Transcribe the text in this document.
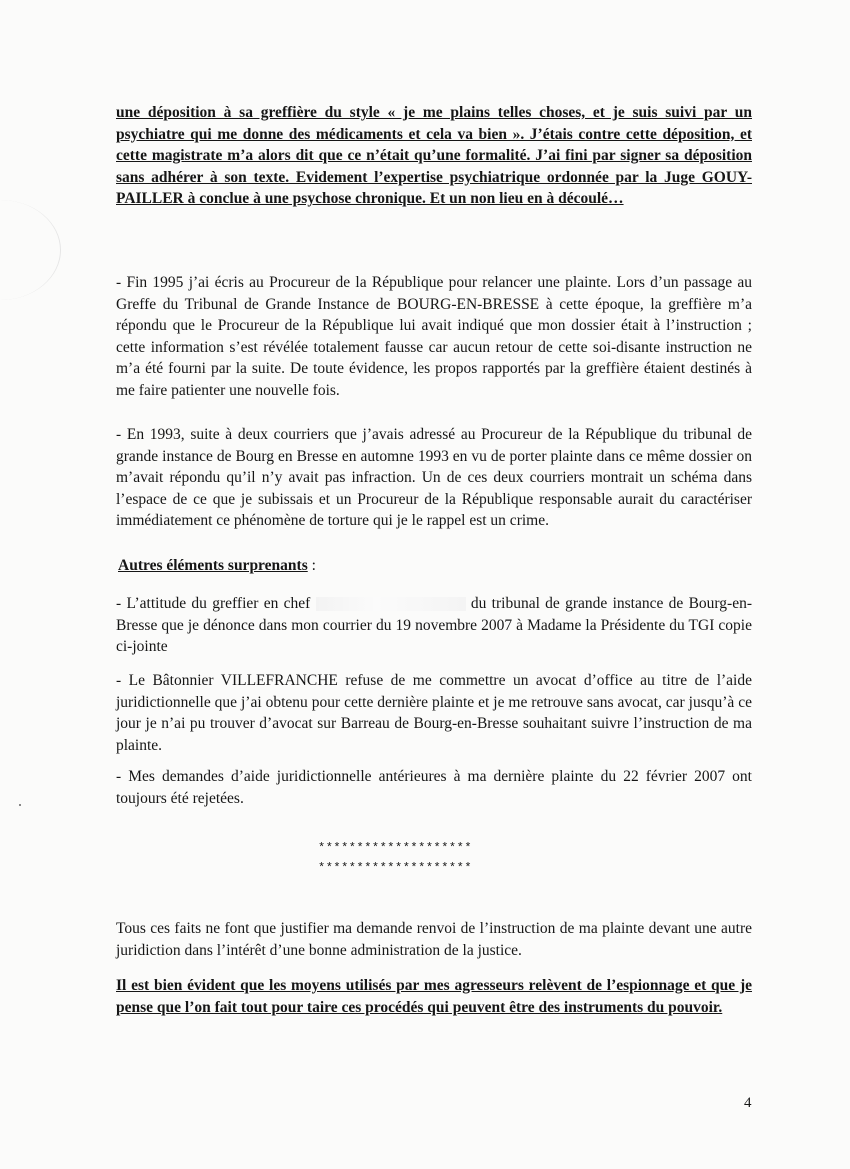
une déposition à sa greffière du style « je me plains telles choses, et je suis suivi par un psychiatre qui me donne des médicaments et cela va bien ». J’étais contre cette déposition, et cette magistrate m’a alors dit que ce n’était qu’une formalité. J’ai fini par signer sa déposition sans adhérer à son texte. Evidement l’expertise psychiatrique ordonnée par la Juge GOUY-PAILLER à conclue à une psychose chronique. Et un non lieu en à découlé…
- Fin 1995 j’ai écris au Procureur de la République pour relancer une plainte. Lors d’un passage au Greffe du Tribunal de Grande Instance de BOURG-EN-BRESSE à cette époque, la greffière m’a répondu que le Procureur de la République lui avait indiqué que mon dossier était à l’instruction ; cette information s’est révélée totalement fausse car aucun retour de cette soi-disante instruction ne m’a été fourni par la suite. De toute évidence, les propos rapportés par la greffière étaient destinés à me faire patienter une nouvelle fois.
- En 1993, suite à deux courriers que j’avais adressé au Procureur de la République du tribunal de grande instance de Bourg en Bresse en automne 1993 en vu de porter plainte dans ce même dossier on m’avait répondu qu’il n’y avait pas infraction. Un de ces deux courriers montrait un schéma dans l’espace de ce que je subissais et un Procureur de la République responsable aurait du caractériser immédiatement ce phénomène de torture qui je le rappel est un crime.
Autres éléments surprenants :
- L’attitude du greffier en chef	du tribunal de grande instance de Bourg-en-Bresse que je dénonce dans mon courrier du 19 novembre 2007 à Madame la Présidente du TGI copie ci-jointe
- Le Bâtonnier VILLEFRANCHE refuse de me commettre un avocat d’office au titre de l’aide juridictionnelle que j’ai obtenu pour cette dernière plainte et je me retrouve sans avocat, car jusqu’à ce jour je n’ai pu trouver d’avocat sur Barreau de Bourg-en-Bresse souhaitant suivre l’instruction de ma plainte.
- Mes demandes d’aide juridictionnelle antérieures à ma dernière plainte du 22 février 2007 ont toujours été rejetées.
********************
********************
Tous ces faits ne font que justifier ma demande renvoi de l’instruction de ma plainte devant une autre juridiction dans l’intérêt d’une bonne administration de la justice.
Il est bien évident que les moyens utilisés par mes agresseurs relèvent de l’espionnage et que je pense que l’on fait tout pour taire ces procédés qui peuvent être des instruments du pouvoir.
4
